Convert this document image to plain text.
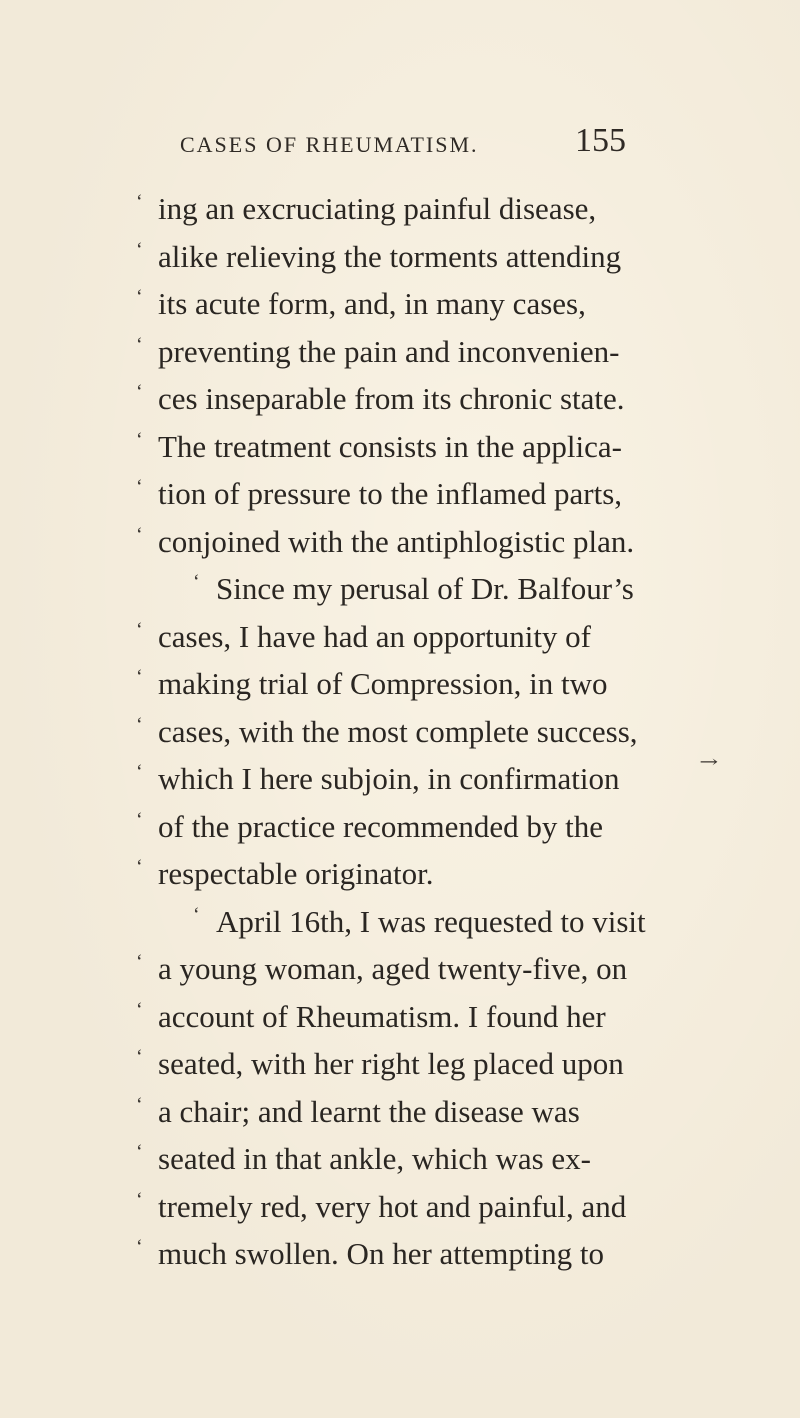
CASES OF RHEUMATISM.	155
‘ ing an excruciating painful disease,
‘ alike relieving the torments attending
‘ its acute form, and, in many cases,
‘ preventing the pain and inconvenien-
‘ ces inseparable from its chronic state.
‘ The treatment consists in the applica-
‘ tion of pressure to the inflamed parts,
‘ conjoined with the antiphlogistic plan.
‘ Since my perusal of Dr. Balfour’s
‘ cases, I have had an opportunity of
‘ making trial of Compression, in two
‘ cases, with the most complete success,
‘ which I here subjoin, in confirmation
‘ of the practice recommended by the
‘ respectable originator.
‘ April 16th, I was requested to visit
‘ a young woman, aged twenty-five, on
‘ account of Rheumatism. I found her
‘ seated, with her right leg placed upon
‘ a chair; and learnt the disease was
‘ seated in that ankle, which was ex-
‘ tremely red, very hot and painful, and
‘ much swollen. On her attempting to
→
